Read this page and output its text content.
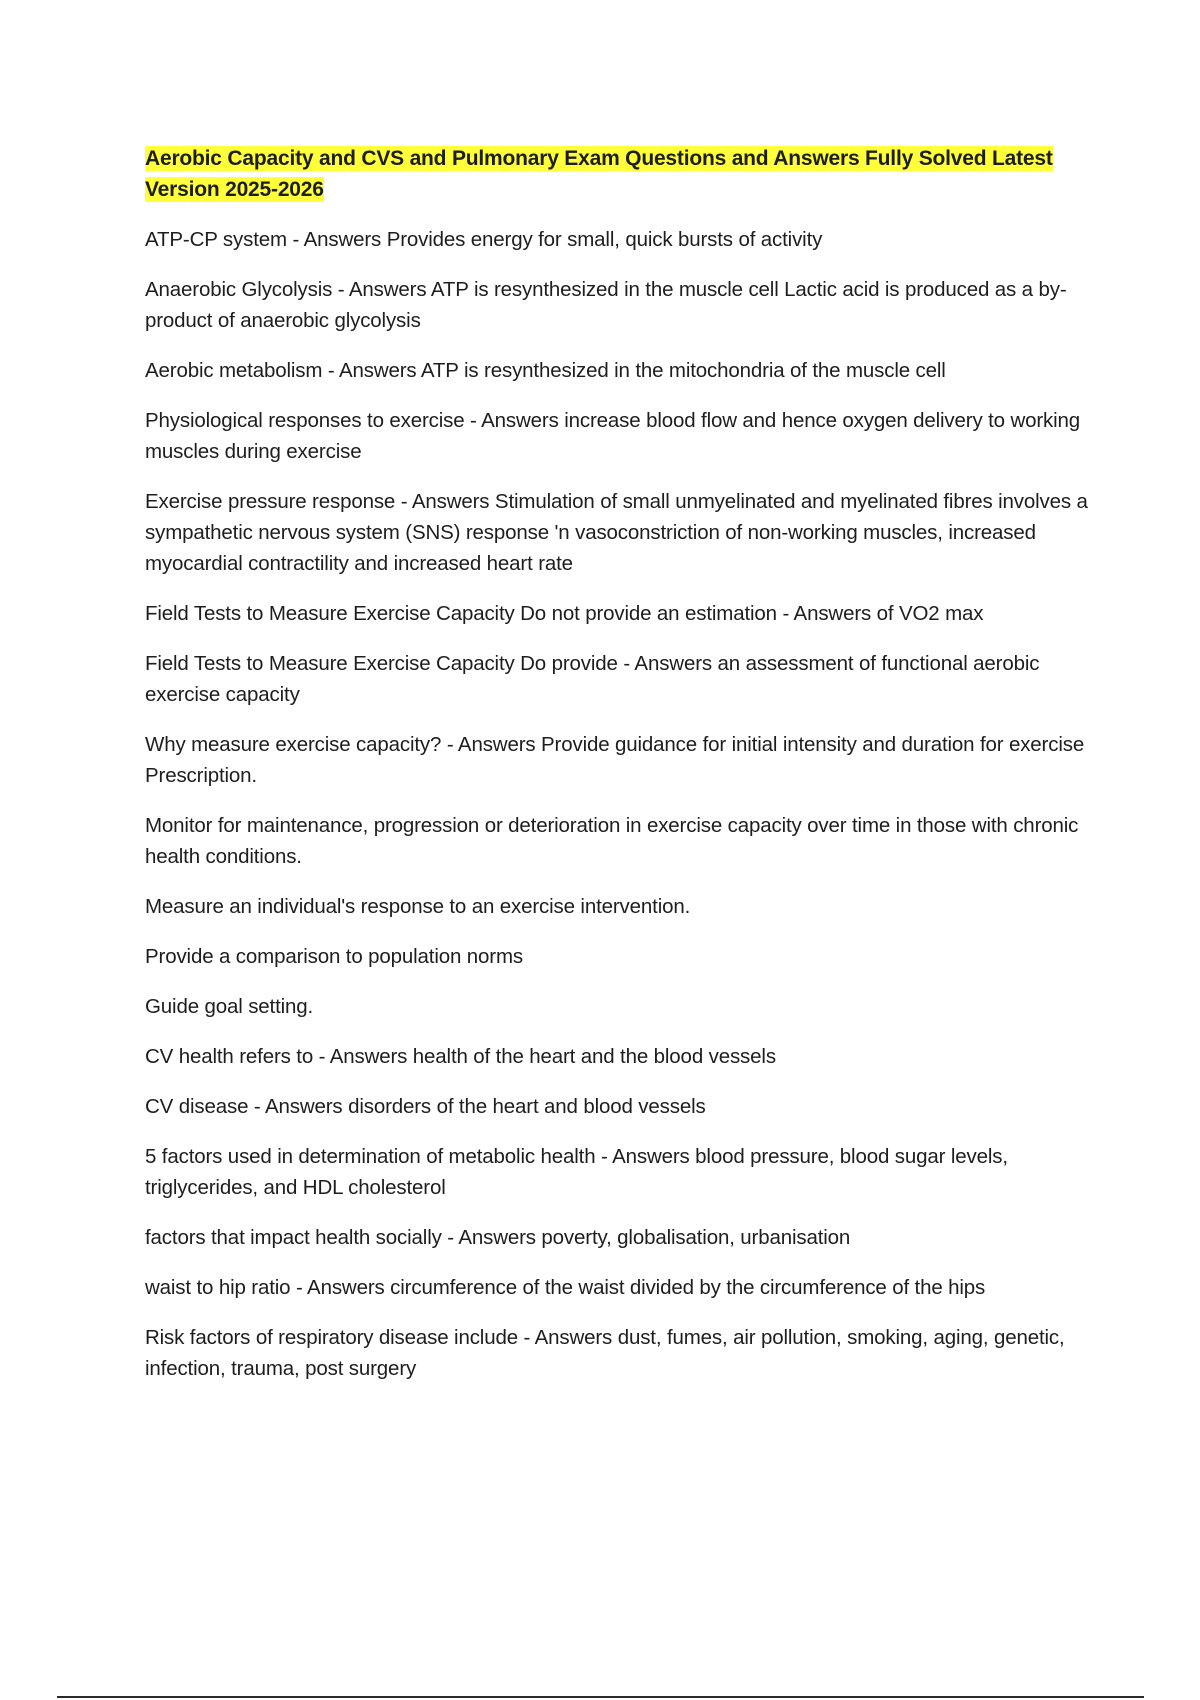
Aerobic Capacity and CVS and Pulmonary Exam Questions and Answers Fully Solved Latest Version 2025-2026

ATP-CP system - Answers Provides energy for small, quick bursts of activity

Anaerobic Glycolysis - Answers ATP is resynthesized in the muscle cell Lactic acid is produced as a by-product of anaerobic glycolysis

Aerobic metabolism - Answers ATP is resynthesized in the mitochondria of the muscle cell

Physiological responses to exercise - Answers increase blood flow and hence oxygen delivery to working muscles during exercise

Exercise pressure response - Answers Stimulation of small unmyelinated and myelinated fibres involves a sympathetic nervous system (SNS) response 'n vasoconstriction of non-working muscles, increased myocardial contractility and increased heart rate

Field Tests to Measure Exercise Capacity Do not provide an estimation - Answers of VO2 max

Field Tests to Measure Exercise Capacity Do provide - Answers an assessment of functional aerobic exercise capacity

Why measure exercise capacity? - Answers Provide guidance for initial intensity and duration for exercise Prescription.

Monitor for maintenance, progression or deterioration in exercise capacity over time in those with chronic health conditions.

Measure an individual's response to an exercise intervention.

Provide a comparison to population norms

Guide goal setting.

CV health refers to - Answers health of the heart and the blood vessels

CV disease - Answers disorders of the heart and blood vessels

5 factors used in determination of metabolic health - Answers blood pressure, blood sugar levels, triglycerides, and HDL cholesterol

factors that impact health socially - Answers poverty, globalisation, urbanisation

waist to hip ratio - Answers circumference of the waist divided by the circumference of the hips

Risk factors of respiratory disease include - Answers dust, fumes, air pollution, smoking, aging, genetic, infection, trauma, post surgery
